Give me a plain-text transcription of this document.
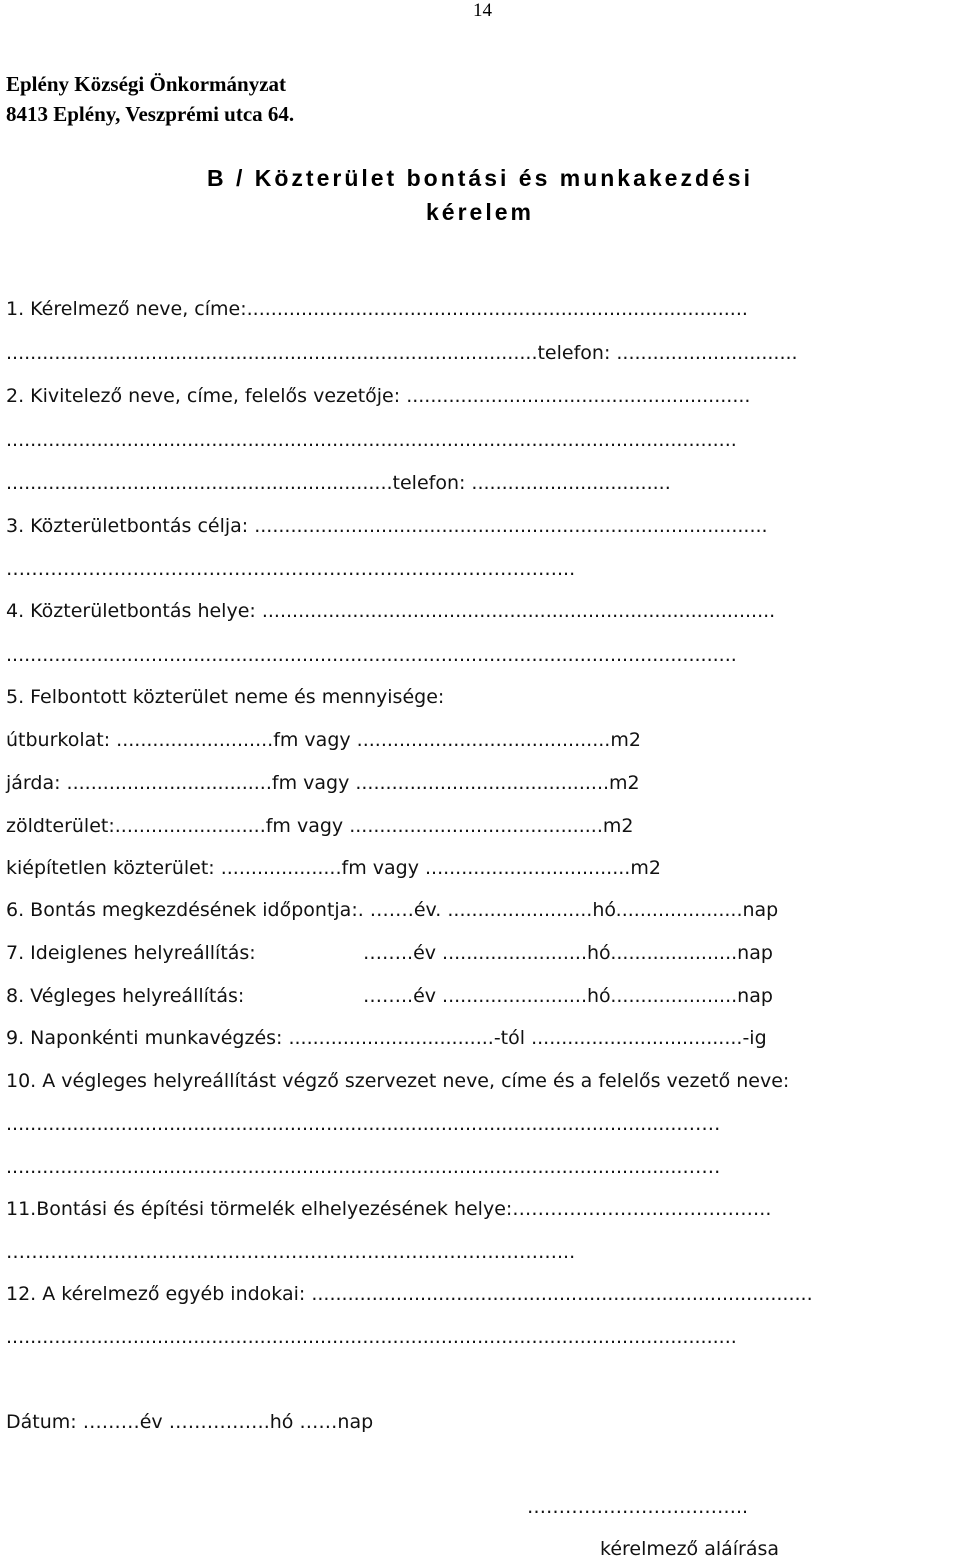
14
Eplény Községi Önkormányzat
8413 Eplény, Veszprémi utca 64.
B / Közterület bontási és munkakezdési
kérelem
1. Kérelmező neve, címe:...................................................................................
........................................................................................telefon: ..............................
2. Kivitelező neve, címe, felelős vezetője: .........................................................
.........................................................................................................................
................................................................telefon: .................................
3. Közterületbontás célja: .....................................................................................
……………………………………………………………………………...
4. Közterületbontás helye: .....................................................................................
.........................................................................................................................
5. Felbontott közterület neme és mennyisége:
útburkolat: ..........................fm vagy ..........................................m2
járda: ..................................fm vagy ..........................................m2
zöldterület:.........................fm vagy ..........................................m2
kiépítetlen közterület: ....................fm vagy ..................................m2
6. Bontás megkezdésének időpontja:. …….év. ........................hó.....................nap
7. Ideiglenes helyreállítás:	……..év ........................hó.....................nap
8. Végleges helyreállítás:	……..év ........................hó.....................nap
9. Naponkénti munkavégzés: ..................................-tól ...................................-ig
10. A végleges helyreállítást végző szervezet neve, címe és a felelős vezető neve:
................................................................................................................……
................................................................................................................……
11.Bontási és építési törmelék elhelyezésének helye:…………………………………..
……………………………………………………………………………...
12. A kérelmező egyéb indokai: ...................................................................................
.........................................................................................................................
Dátum: ………év …………….hó ……nap
……………………………..
kérelmező aláírása
